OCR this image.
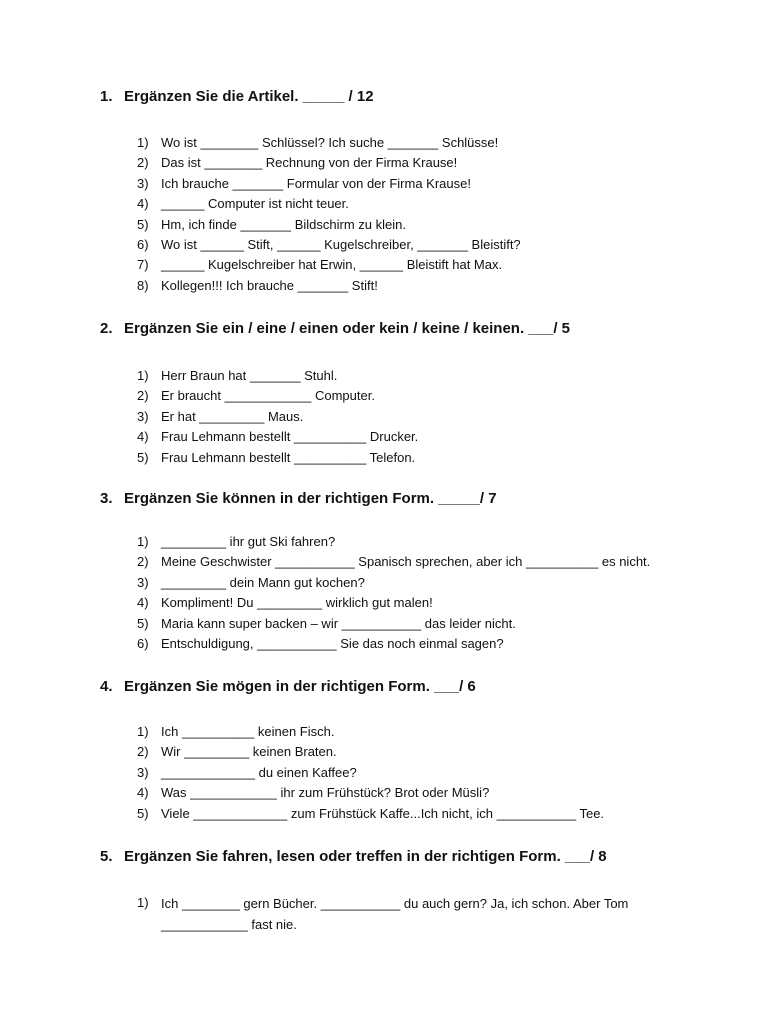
1. Ergänzen Sie die Artikel. _____ / 12
1) Wo ist ________ Schlüssel? Ich suche _______ Schlüsse!
2) Das ist ________ Rechnung von der Firma Krause!
3) Ich brauche _______ Formular von der Firma Krause!
4) ______ Computer ist nicht teuer.
5) Hm, ich finde _______ Bildschirm zu klein.
6) Wo ist ______ Stift, ______ Kugelschreiber, _______ Bleistift?
7) ______ Kugelschreiber hat Erwin, ______ Bleistift hat Max.
8) Kollegen!!! Ich brauche _______ Stift!
2. Ergänzen Sie ein / eine / einen oder kein / keine / keinen. ___/ 5
1) Herr Braun hat _______ Stuhl.
2) Er braucht ____________ Computer.
3) Er hat _________ Maus.
4) Frau Lehmann bestellt __________ Drucker.
5) Frau Lehmann bestellt __________ Telefon.
3. Ergänzen Sie können in der richtigen Form. _____/ 7
1) _________ ihr gut Ski fahren?
2) Meine Geschwister ___________ Spanisch sprechen, aber ich __________ es nicht.
3) _________ dein Mann gut kochen?
4) Kompliment! Du _________ wirklich gut malen!
5) Maria kann super backen – wir ___________ das leider nicht.
6) Entschuldigung, ___________ Sie das noch einmal sagen?
4. Ergänzen Sie mögen in der richtigen Form. ___/ 6
1) Ich __________ keinen Fisch.
2) Wir _________ keinen Braten.
3) _____________ du einen Kaffee?
4) Was ____________ ihr zum Frühstück? Brot oder Müsli?
5) Viele _____________ zum Frühstück Kaffe...Ich nicht, ich ___________ Tee.
5. Ergänzen Sie fahren, lesen oder treffen in der richtigen Form. ___/ 8
1) Ich ________ gern Bücher. ___________ du auch gern? Ja, ich schon. Aber Tom ____________ fast nie.
